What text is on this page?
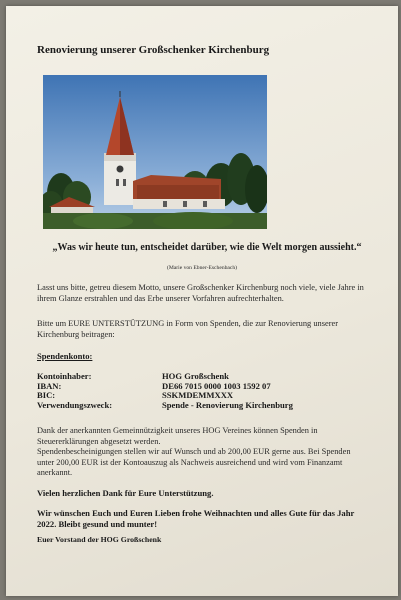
Renovierung unserer Großschenker Kirchenburg

„Was wir heute tun, entscheidet darüber, wie die Welt morgen aussieht.“

(Marie von Ebner-Eschenbach)

Lasst uns bitte, getreu diesem Motto, unsere Großschenker Kirchenburg noch viele, viele Jahre in ihrem Glanze erstrahlen und das Erbe unserer Vorfahren aufrechterhalten.

Bitte um EURE UNTERSTÜTZUNG in Form von Spenden, die zur Renovierung unserer Kirchenburg beitragen:

Spendenkonto:
Kontoinhaber:	HOG Großschenk
IBAN:	DE66 7015 0000 1003 1592 07
BIC:	SSKMDEMMXXX
Verwendungszweck:	Spende - Renovierung Kirchenburg

Dank der anerkannten Gemeinnützigkeit unseres HOG Vereines können Spenden in Steuererklärungen abgesetzt werden.

Spendenbescheinigungen stellen wir auf Wunsch und ab 200,00 EUR gerne aus. Bei Spenden unter 200,00 EUR ist der Kontoauszug als Nachweis ausreichend und wird vom Finanzamt anerkannt.

Vielen herzlichen Dank für Eure Unterstützung.

Wir wünschen Euch und Euren Lieben frohe Weihnachten und alles Gute für das Jahr 2022. Bleibt gesund und munter!

Euer Vorstand der HOG Großschenk
